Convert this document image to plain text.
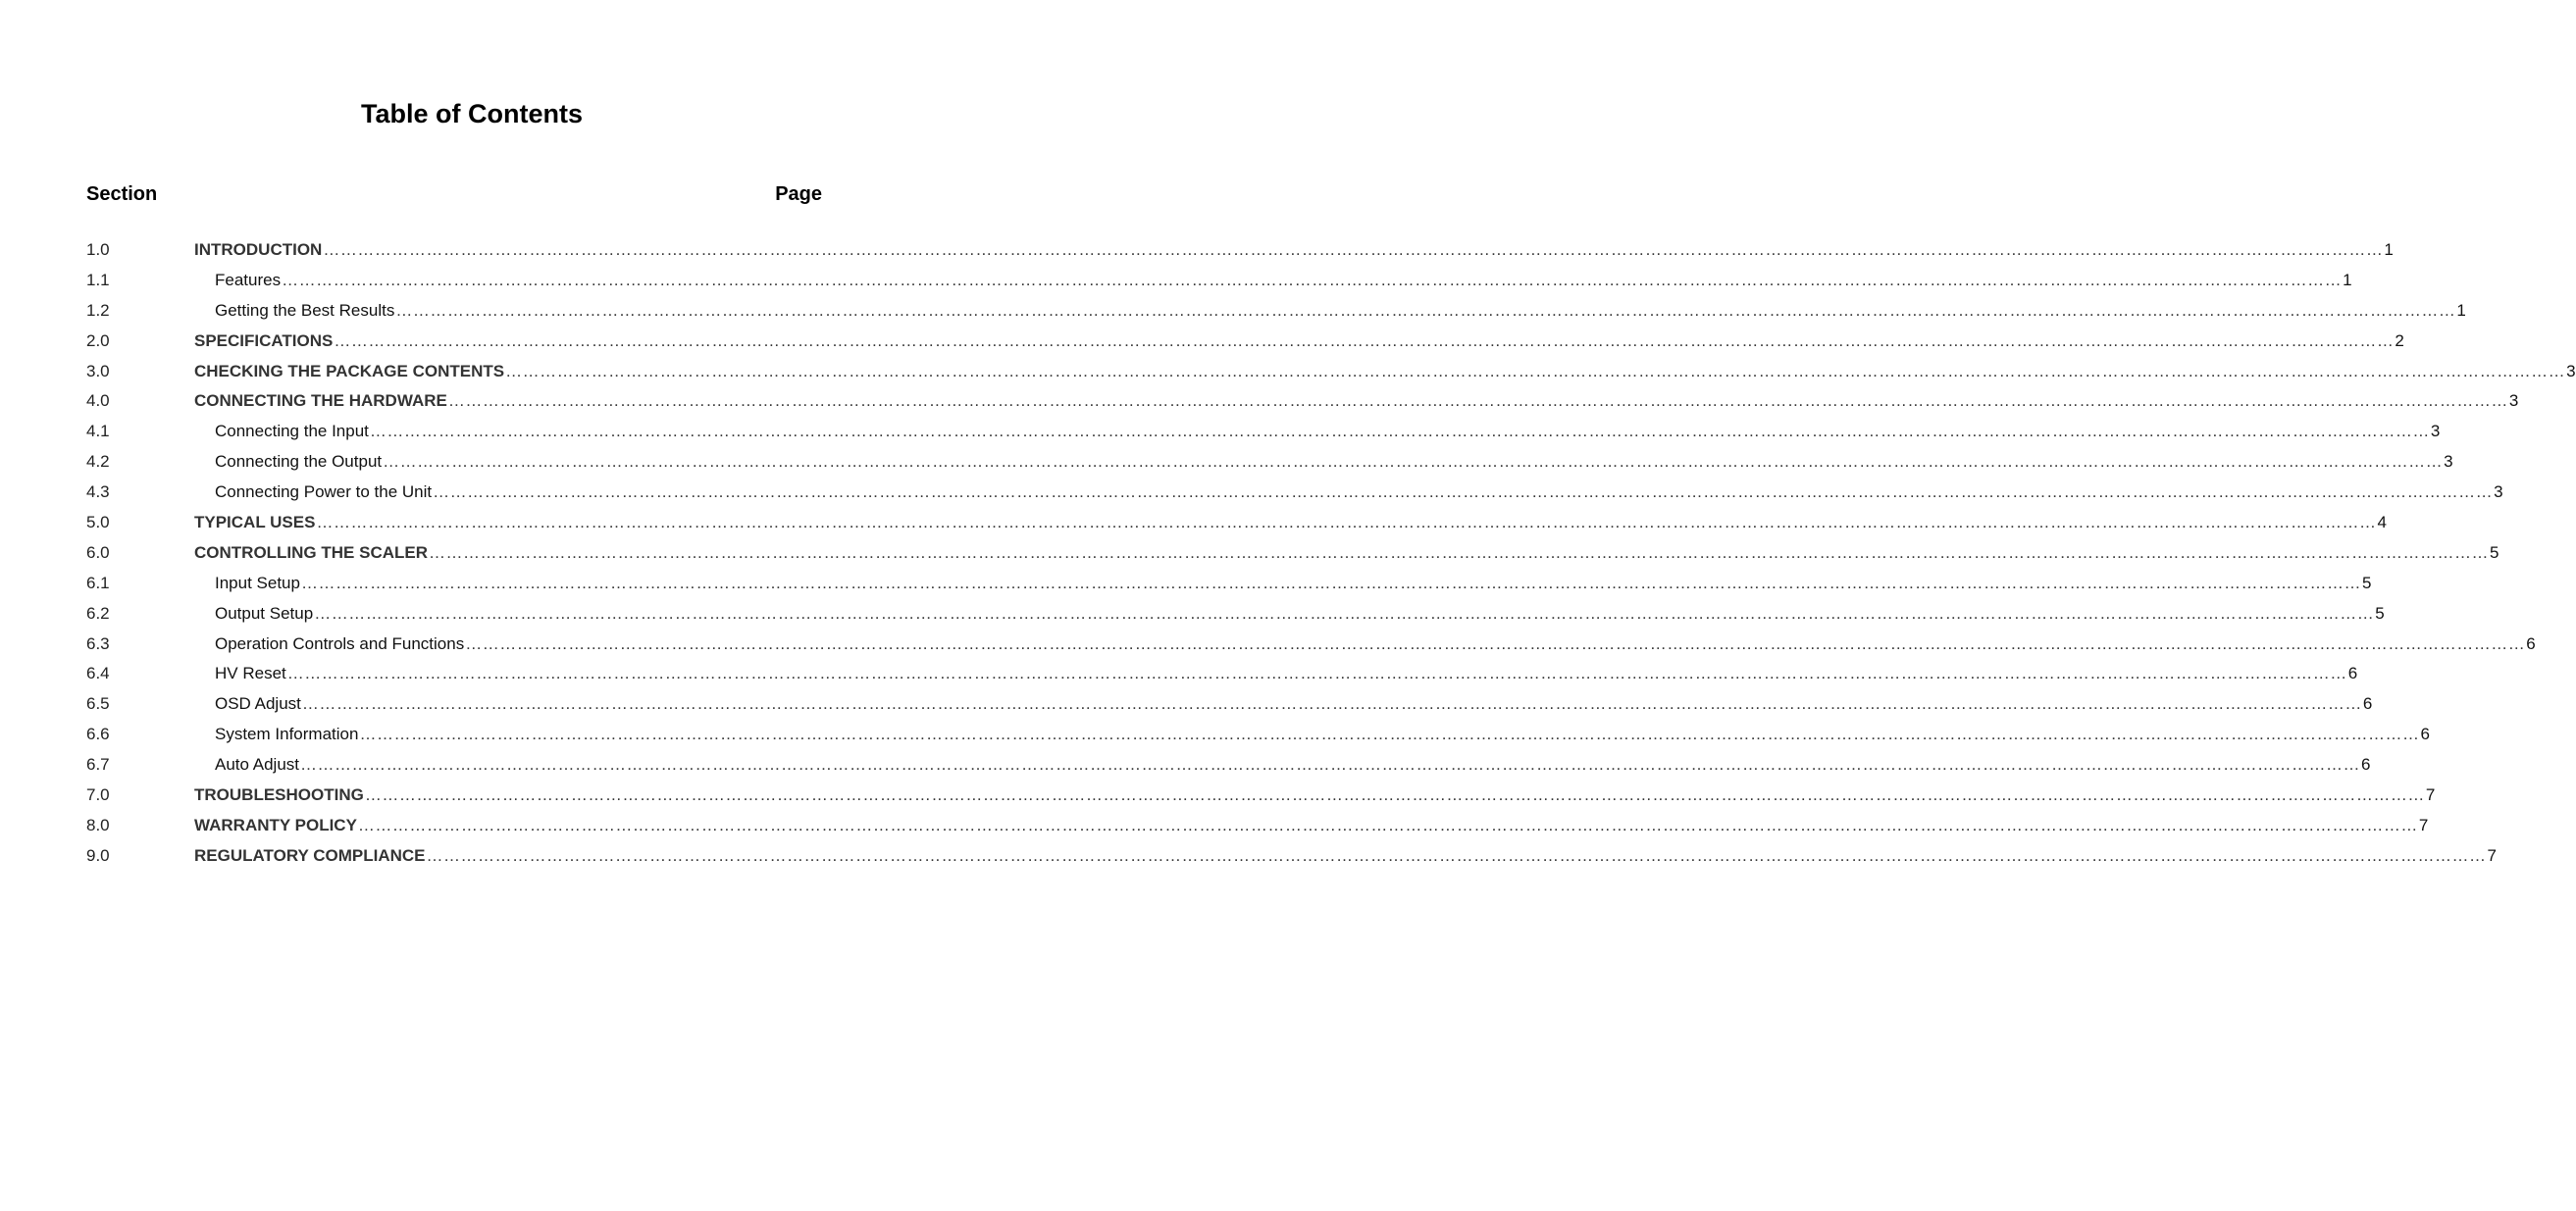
Table of Contents
Section	Page
1.0	INTRODUCTION ……………………………………………………………………………………………………………………………………………………………………………………………………………………………………………………………………………………………………………………………… 1
1.1	Features ……………………………………………………………………………………………………………………………………………………………………………………………………………………………………………………………………………………………………………………………… 1
1.2	Getting the Best Results ……………………………………………………………………………………………………………………………………………………………………………………………………………………………………………………………………………………………………………………………… 1
2.0	SPECIFICATIONS ……………………………………………………………………………………………………………………………………………………………………………………………………………………………………………………………………………………………………………………………… 2
3.0	CHECKING THE PACKAGE CONTENTS ……………………………………………………………………………………………………………………………………………………………………………………………………………………………………………………………………………………………………………………………… 3
4.0	CONNECTING THE HARDWARE ……………………………………………………………………………………………………………………………………………………………………………………………………………………………………………………………………………………………………………………………… 3
4.1	Connecting the Input ……………………………………………………………………………………………………………………………………………………………………………………………………………………………………………………………………………………………………………………………… 3
4.2	Connecting the Output ……………………………………………………………………………………………………………………………………………………………………………………………………………………………………………………………………………………………………………………………… 3
4.3	Connecting Power to the Unit ……………………………………………………………………………………………………………………………………………………………………………………………………………………………………………………………………………………………………………………………… 3
5.0	TYPICAL USES ……………………………………………………………………………………………………………………………………………………………………………………………………………………………………………………………………………………………………………………………… 4
6.0	CONTROLLING THE SCALER ……………………………………………………………………………………………………………………………………………………………………………………………………………………………………………………………………………………………………………………………… 5
6.1	Input Setup ……………………………………………………………………………………………………………………………………………………………………………………………………………………………………………………………………………………………………………………………… 5
6.2	Output Setup ……………………………………………………………………………………………………………………………………………………………………………………………………………………………………………………………………………………………………………………………… 5
6.3	Operation Controls and Functions ……………………………………………………………………………………………………………………………………………………………………………………………………………………………………………………………………………………………………………………………… 6
6.4	HV Reset ……………………………………………………………………………………………………………………………………………………………………………………………………………………………………………………………………………………………………………………………… 6
6.5	OSD Adjust ……………………………………………………………………………………………………………………………………………………………………………………………………………………………………………………………………………………………………………………………… 6
6.6	System Information ……………………………………………………………………………………………………………………………………………………………………………………………………………………………………………………………………………………………………………………………… 6
6.7	Auto Adjust ……………………………………………………………………………………………………………………………………………………………………………………………………………………………………………………………………………………………………………………………… 6
7.0	TROUBLESHOOTING ……………………………………………………………………………………………………………………………………………………………………………………………………………………………………………………………………………………………………………………………… 7
8.0	WARRANTY POLICY ……………………………………………………………………………………………………………………………………………………………………………………………………………………………………………………………………………………………………………………………… 7
9.0	REGULATORY COMPLIANCE ……………………………………………………………………………………………………………………………………………………………………………………………………………………………………………………………………………………………………………………………… 7
